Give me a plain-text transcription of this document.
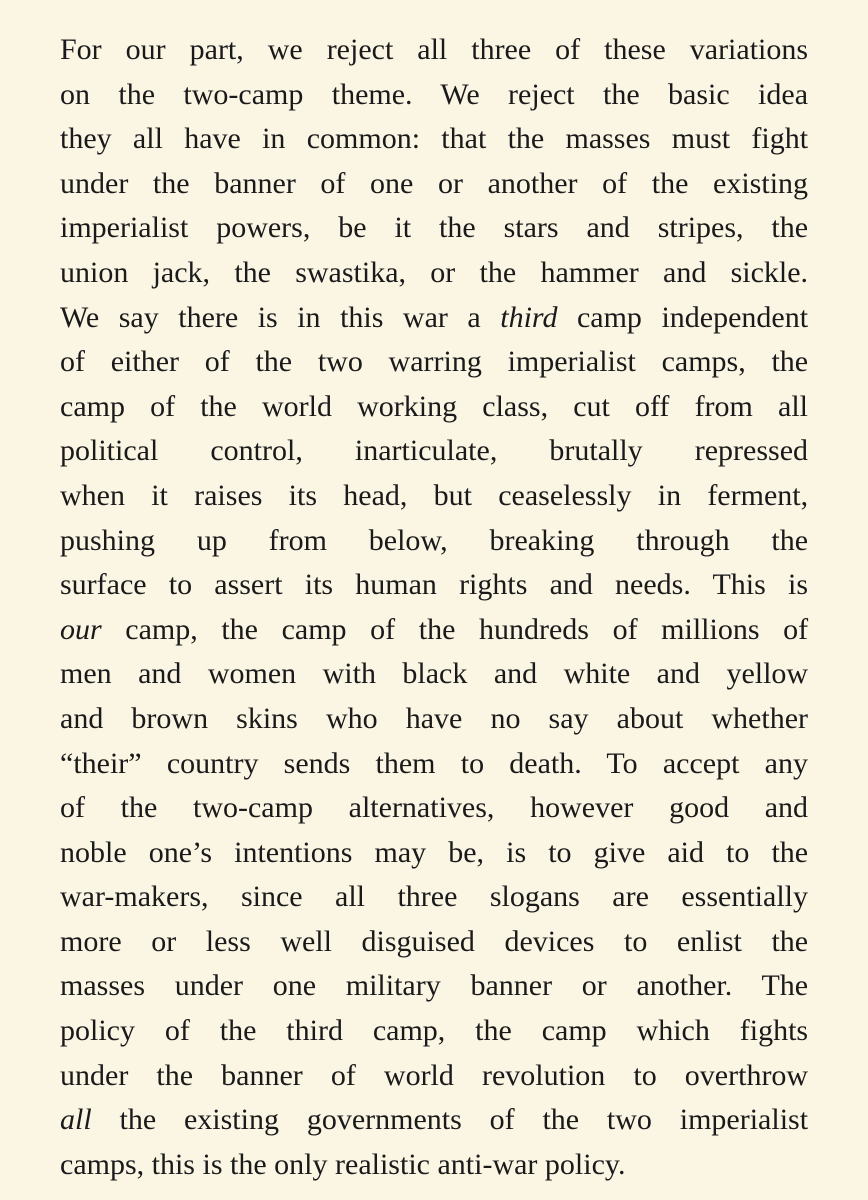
For our part, we reject all three of these variations
on the two-camp theme. We reject the basic idea
they all have in common: that the masses must fight
under the banner of one or another of the existing
imperialist powers, be it the stars and stripes, the
union jack, the swastika, or the hammer and sickle.
We say there is in this war a third camp independent
of either of the two warring imperialist camps, the
camp of the world working class, cut off from all
political control, inarticulate, brutally repressed
when it raises its head, but ceaselessly in ferment,
pushing up from below, breaking through the
surface to assert its human rights and needs. This is
our camp, the camp of the hundreds of millions of
men and women with black and white and yellow
and brown skins who have no say about whether
“their” country sends them to death. To accept any
of the two-camp alternatives, however good and
noble one’s intentions may be, is to give aid to the
war-makers, since all three slogans are essentially
more or less well disguised devices to enlist the
masses under one military banner or another. The
policy of the third camp, the camp which fights
under the banner of world revolution to overthrow
all the existing governments of the two imperialist
camps, this is the only realistic anti-war policy.
